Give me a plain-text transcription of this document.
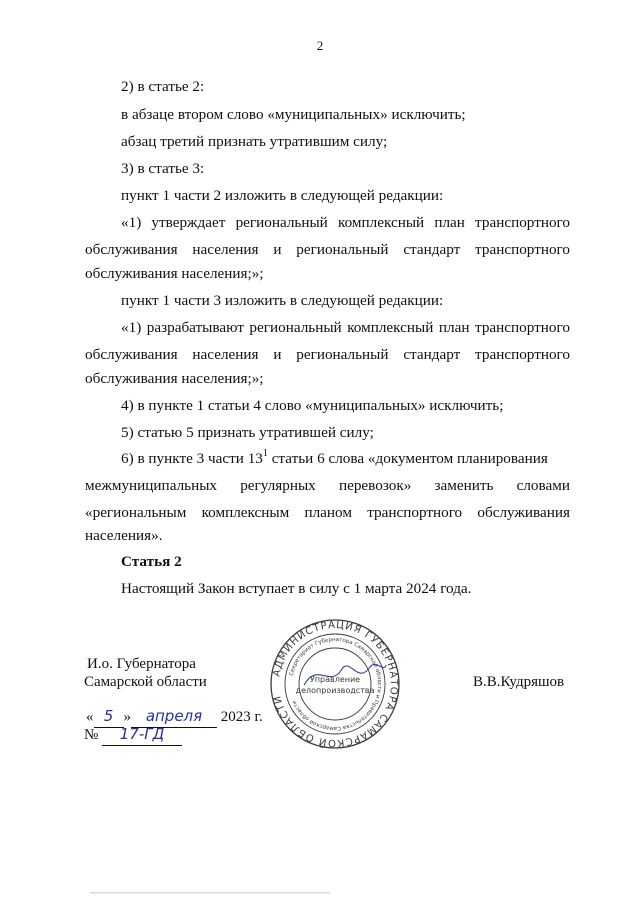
2
2) в статье 2:
в абзаце втором слово «муниципальных» исключить;
абзац третий признать утратившим силу;
3) в статье 3:
пункт 1 части 2 изложить в следующей редакции:
«1) утверждает региональный комплексный план транспортного
обслуживания населения и региональный стандарт транспортного
обслуживания населения;»;
пункт 1 части 3 изложить в следующей редакции:
«1) разрабатывают региональный комплексный план транспортного
обслуживания населения и региональный стандарт транспортного
обслуживания населения;»;
4) в пункте 1 статьи 4 слово «муниципальных» исключить;
5) статью 5 признать утратившей силу;
6) в пункте 3 части $13^1$ статьи 6 слова «документом планирования
межмуниципальных регулярных перевозок» заменить словами
«региональным комплексным планом транспортного обслуживания
населения».
Статья 2
Настоящий Закон вступает в силу с 1 марта 2024 года.
И.о. Губернатора
Самарской области	В.В.Кудряшов
« 5 » апреля 2023 г.
№ 17-ГД
АДМИНИСТРАЦИЯ ГУБЕРНАТОРА САМАРСКОЙ ОБЛАСТИ
Секретариат Губернатора Самарской области и Правительства Самарской области
Управление
делопроизводства
